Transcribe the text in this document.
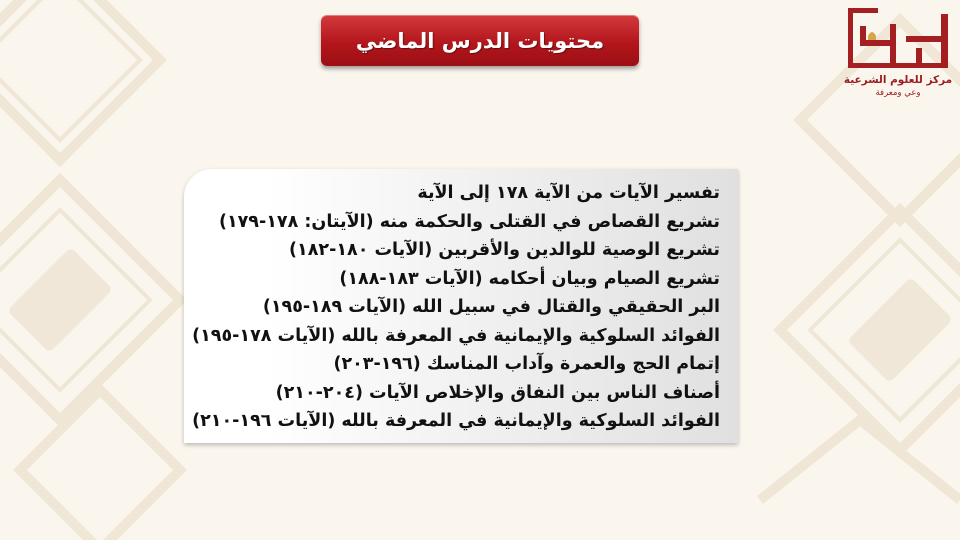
محتويات الدرس الماضي
مركز للعلوم الشرعية
وعي ومعرفة
تفسير الآيات من الآية ١٧٨ إلى الآية
تشريع القصاص في القتلى والحكمة منه (الآيتان: ١٧٨-١٧٩)
تشريع الوصية للوالدين والأقربين (الآيات ١٨٠-١٨٢)
تشريع الصيام وبيان أحكامه (الآيات ١٨٣-١٨٨)
البر الحقيقي والقتال في سبيل الله (الآيات ١٨٩-١٩٥)
الفوائد السلوكية والإيمانية في المعرفة بالله (الآيات ١٧٨-١٩٥)
إتمام الحج والعمرة وآداب المناسك (١٩٦-٢٠٣)
أصناف الناس بين النفاق والإخلاص الآيات (٢٠٤-٢١٠)
الفوائد السلوكية والإيمانية في المعرفة بالله (الآيات ١٩٦-٢١٠)
